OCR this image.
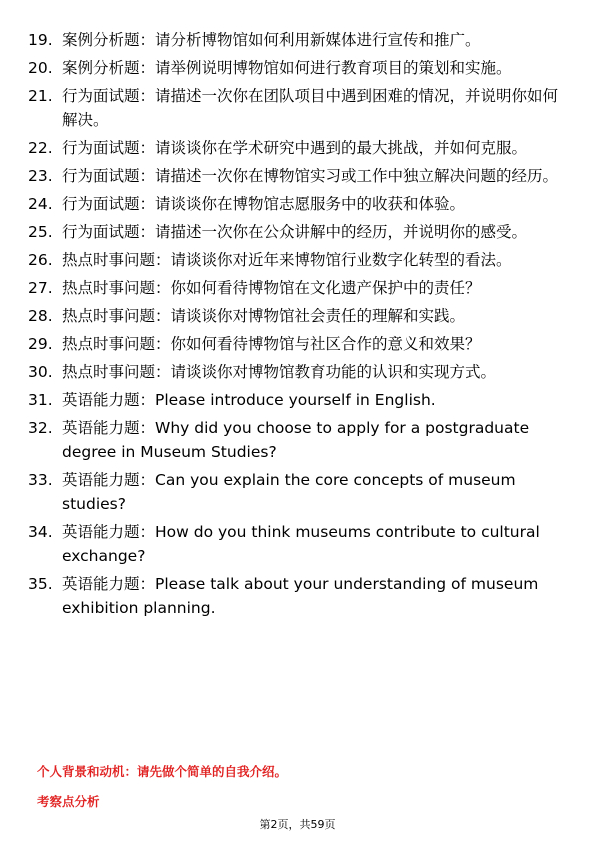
19. 案例分析题：请分析博物馆如何利用新媒体进行宣传和推广。
20. 案例分析题：请举例说明博物馆如何进行教育项目的策划和实施。
21. 行为面试题：请描述一次你在团队项目中遇到困难的情况，并说明你如何解决。
22. 行为面试题：请谈谈你在学术研究中遇到的最大挑战，并如何克服。
23. 行为面试题：请描述一次你在博物馆实习或工作中独立解决问题的经历。
24. 行为面试题：请谈谈你在博物馆志愿服务中的收获和体验。
25. 行为面试题：请描述一次你在公众讲解中的经历，并说明你的感受。
26. 热点时事问题：请谈谈你对近年来博物馆行业数字化转型的看法。
27. 热点时事问题：你如何看待博物馆在文化遗产保护中的责任？
28. 热点时事问题：请谈谈你对博物馆社会责任的理解和实践。
29. 热点时事问题：你如何看待博物馆与社区合作的意义和效果？
30. 热点时事问题：请谈谈你对博物馆教育功能的认识和实现方式。
31. 英语能力题：Please introduce yourself in English.
32. 英语能力题：Why did you choose to apply for a postgraduate degree in Museum Studies?
33. 英语能力题：Can you explain the core concepts of museum studies?
34. 英语能力题：How do you think museums contribute to cultural exchange?
35. 英语能力题：Please talk about your understanding of museum exhibition planning.
个人背景和动机：请先做个简单的自我介绍。
考察点分析
第2页，共59页
